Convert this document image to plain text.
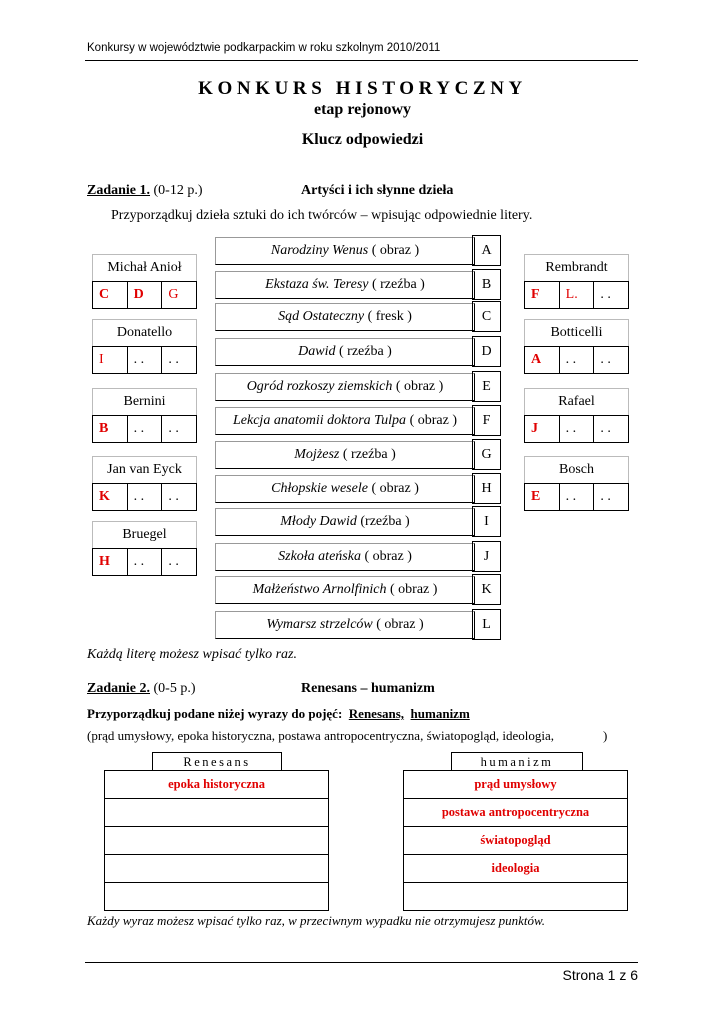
Konkursy w województwie podkarpackim w roku szkolnym 2010/2011
KONKURS HISTORYCZNY
etap rejonowy
Klucz odpowiedzi
Zadanie 1. (0-12 p.)	Artyści i ich słynne dzieła
Przyporządkuj dzieła sztuki do ich twórców – wpisując odpowiednie litery.
Michał Anioł
C	D	G
Donatello
I	. .	. .
Bernini
B	. .	. .
Jan van Eyck
K	. .	. .
Bruegel
H	. .	. .
Narodziny Wenus ( obraz )	A
Ekstaza św. Teresy ( rzeźba )	B
Sąd Ostateczny ( fresk )	C
Dawid ( rzeźba )	D
Ogród rozkoszy ziemskich ( obraz )	E
Lekcja anatomii doktora Tulpa ( obraz )	F
Mojżesz ( rzeźba )	G
Chłopskie wesele ( obraz )	H
Młody Dawid (rzeźba )	I
Szkoła ateńska ( obraz )	J
Małżeństwo Arnolfinich ( obraz )	K
Wymarsz strzelców ( obraz )	L
Rembrandt
F	L.	. .
Botticelli
A	. .	. .
Rafael
J	. .	. .
Bosch
E	. .	. .
Każdą literę możesz wpisać tylko raz.
Zadanie 2. (0-5 p.)	Renesans – humanizm
Przyporządkuj podane niżej wyrazy do pojęć: Renesans, humanizm
(prąd umysłowy, epoka historyczna, postawa antropocentryczna, światopogląd, ideologia,	)
Renesans
epoka historyczna
humanizm
prąd umysłowy
postawa antropocentryczna
światopogląd
ideologia
Każdy wyraz możesz wpisać tylko raz, w przeciwnym wypadku nie otrzymujesz punktów.
Strona 1 z 6
